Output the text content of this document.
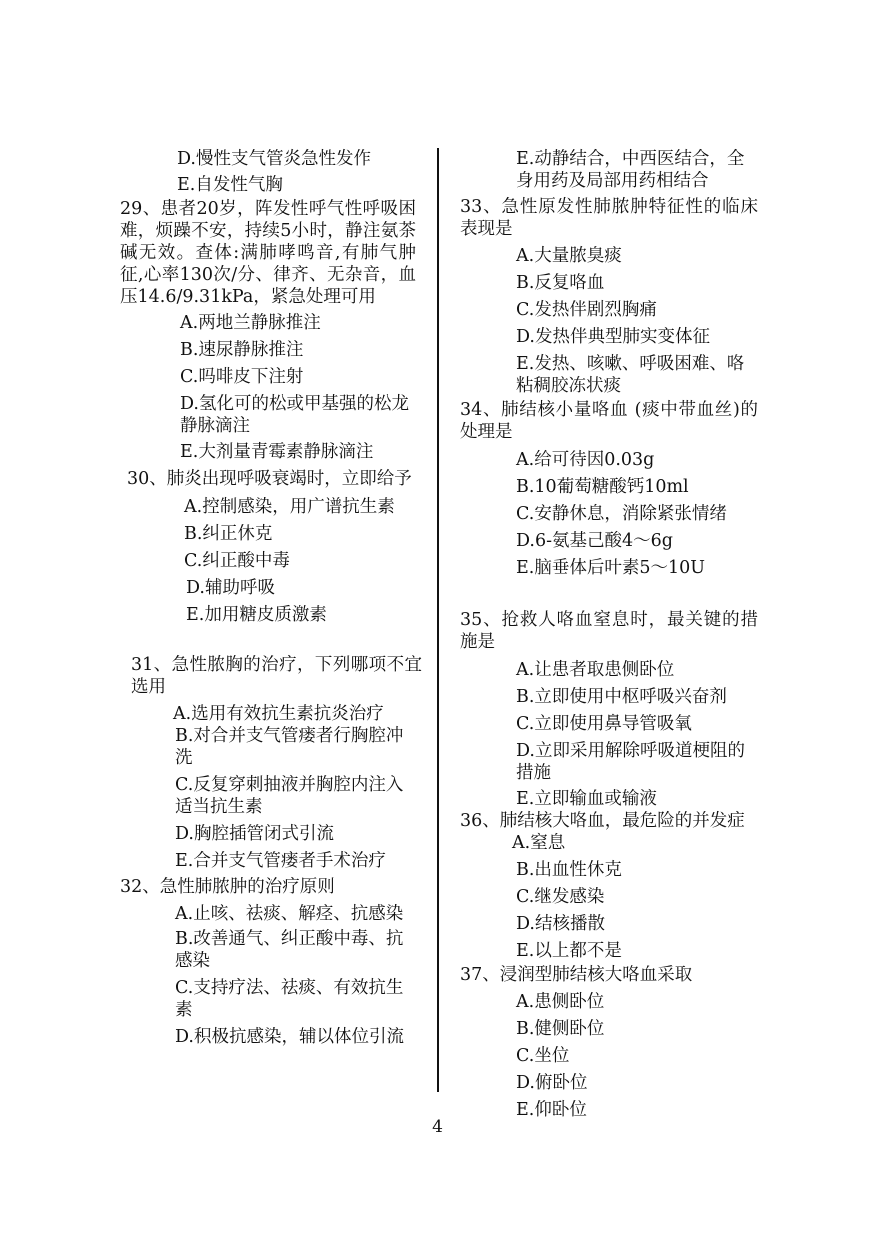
D.慢性支气管炎急性发作
E.自发性气胸
29、患者20岁，阵发性呼气性呼吸困难，烦躁不安，持续5小时，静注氨茶碱无效。查体:满肺哮鸣音,有肺气肿征,心率130次/分、律齐、无杂音，血压14.6/9.31kPa，紧急处理可用
A.两地兰静脉推注
B.速尿静脉推注
C.吗啡皮下注射
D.氢化可的松或甲基强的松龙静脉滴注
E.大剂量青霉素静脉滴注
30、肺炎出现呼吸衰竭时，立即给予
A.控制感染，用广谱抗生素
B.纠正休克
C.纠正酸中毒
D.辅助呼吸
E.加用糖皮质激素
31、急性脓胸的治疗，下列哪项不宜选用
A.选用有效抗生素抗炎治疗
B.对合并支气管瘘者行胸腔冲洗
C.反复穿刺抽液并胸腔内注入适当抗生素
D.胸腔插管闭式引流
E.合并支气管瘘者手术治疗
32、急性肺脓肿的治疗原则
A.止咳、祛痰、解痉、抗感染
B.改善通气、纠正酸中毒、抗感染
C.支持疗法、祛痰、有效抗生素
D.积极抗感染，辅以体位引流
E.动静结合，中西医结合，全身用药及局部用药相结合
33、急性原发性肺脓肿特征性的临床表现是
A.大量脓臭痰
B.反复咯血
C.发热伴剧烈胸痛
D.发热伴典型肺实变体征
E.发热、咳嗽、呼吸困难、咯粘稠胶冻状痰
34、肺结核小量咯血 (痰中带血丝)的处理是
A.给可待因0.03g
B.10葡萄糖酸钙10ml
C.安静休息，消除紧张情绪
D.6-氨基己酸4～6g
E.脑垂体后叶素5～10U
35、抢救人咯血窒息时，最关键的措施是
A.让患者取患侧卧位
B.立即使用中枢呼吸兴奋剂
C.立即使用鼻导管吸氧
D.立即采用解除呼吸道梗阻的措施
E.立即输血或输液
36、肺结核大咯血，最危险的并发症
A.窒息
B.出血性休克
C.继发感染
D.结核播散
E.以上都不是
37、浸润型肺结核大咯血采取
A.患侧卧位
B.健侧卧位
C.坐位
D.俯卧位
E.仰卧位
4
